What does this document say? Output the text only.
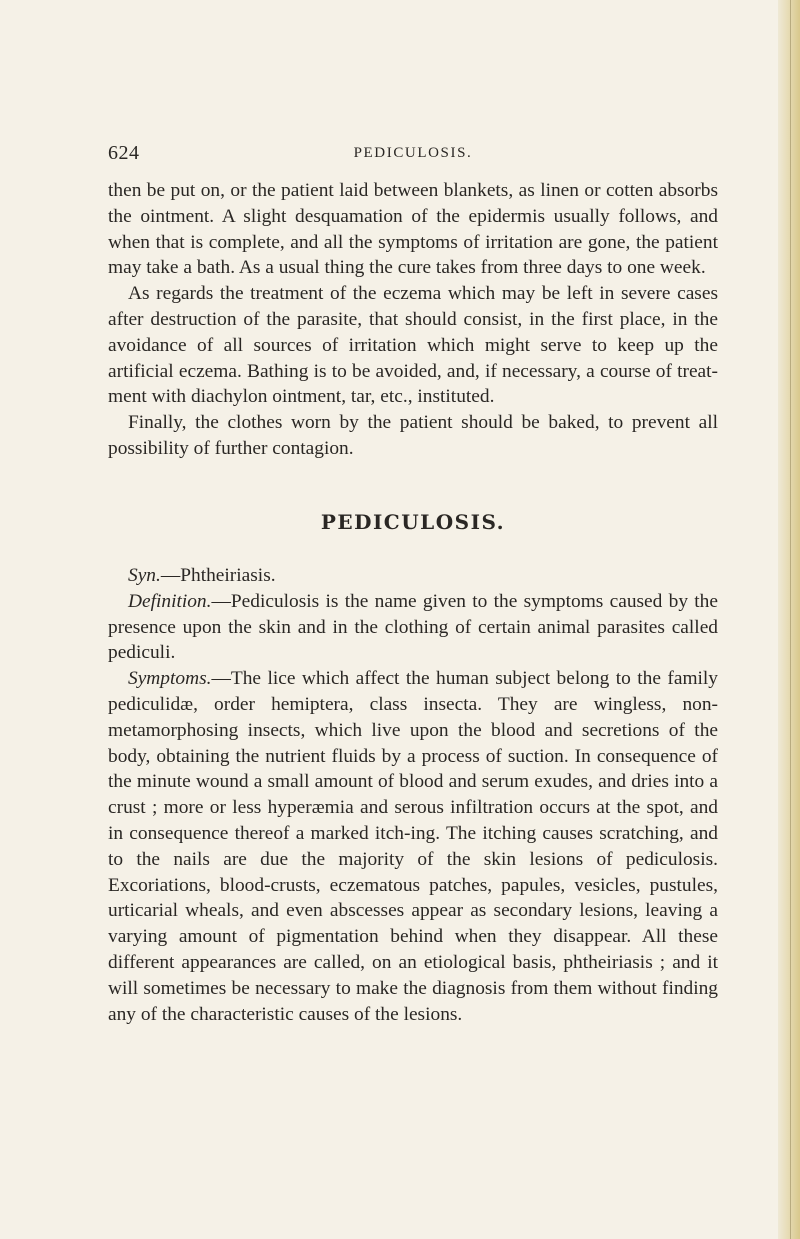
624	PEDICULOSIS.

then be put on, or the patient laid between blankets, as linen or cotten absorbs the ointment. A slight desquamation of the epidermis usually follows, and when that is complete, and all the symptoms of irritation are gone, the patient may take a bath. As a usual thing the cure takes from three days to one week.

As regards the treatment of the eczema which may be left in severe cases after destruction of the parasite, that should consist, in the first place, in the avoidance of all sources of irritation which might serve to keep up the artificial eczema. Bathing is to be avoided, and, if necessary, a course of treat-ment with diachylon ointment, tar, etc., instituted.

Finally, the clothes worn by the patient should be baked, to prevent all possibility of further contagion.

PEDICULOSIS.

Syn.—Phtheiriasis.

Definition.—Pediculosis is the name given to the symptoms caused by the presence upon the skin and in the clothing of certain animal parasites called pediculi.

Symptoms.—The lice which affect the human subject belong to the family pediculidæ, order hemiptera, class insecta. They are wingless, non-metamorphosing insects, which live upon the blood and secretions of the body, obtaining the nutrient fluids by a process of suction. In consequence of the minute wound a small amount of blood and serum exudes, and dries into a crust ; more or less hyperæmia and serous infiltration occurs at the spot, and in consequence thereof a marked itch-ing. The itching causes scratching, and to the nails are due the majority of the skin lesions of pediculosis. Excoriations, blood-crusts, eczematous patches, papules, vesicles, pustules, urticarial wheals, and even abscesses appear as secondary lesions, leaving a varying amount of pigmentation behind when they disappear. All these different appearances are called, on an etiological basis, phtheiriasis ; and it will sometimes be necessary to make the diagnosis from them without finding any of the characteristic causes of the lesions.
